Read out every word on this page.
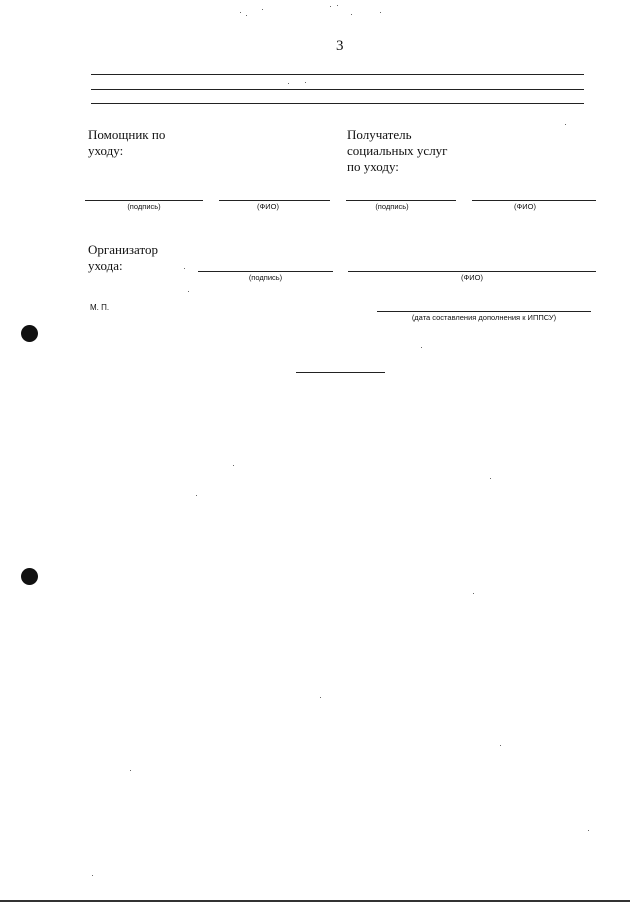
3
Помощник по
уходу:
Получатель
социальных услуг
по уходу:
(подпись)	(ФИО)	(подпись)	(ФИО)
Организатор
ухода:
(подпись)	(ФИО)
М. П.
(дата составления дополнения к ИППСУ)
